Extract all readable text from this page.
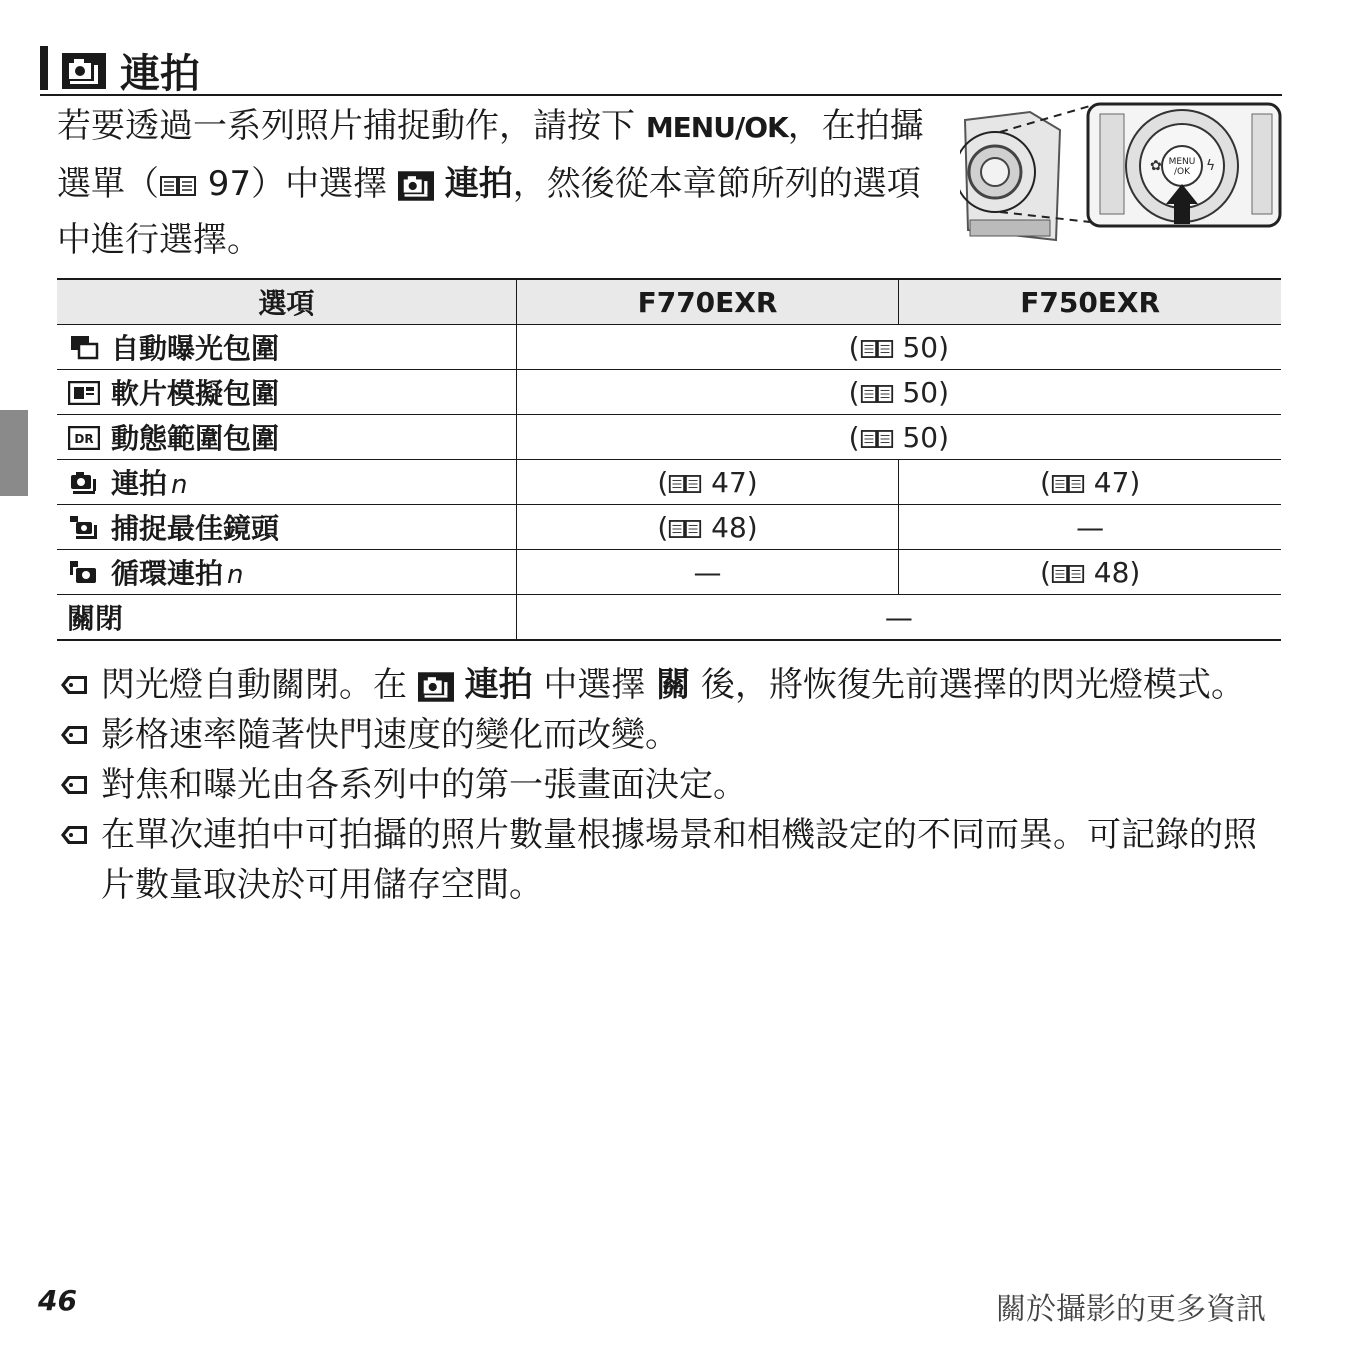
連拍
若要透過一系列照片捕捉動作，請按下 MENU/OK，在拍攝選單（ 97）中選擇  連拍，然後從本章節所列的選項中進行選擇。
MENU
/OK
✿	ϟ
選項	F770EXR	F750EXR
自動曝光包圍	( 50)	
軟片模擬包圍	( 50)	

DR 動態範圍包圍	( 50)	
連拍 n	( 47)	( 47)
捕捉最佳鏡頭	( 48)	—
循環連拍 n	—	( 48)
關閉	—	
閃光燈自動關閉。在  連拍 中選擇 關 後，將恢復先前選擇的閃光燈模式。
影格速率隨著快門速度的變化而改變。
對焦和曝光由各系列中的第一張畫面決定。
在單次連拍中可拍攝的照片數量根據場景和相機設定的不同而異。可記錄的照片數量取決於可用儲存空間。
46	關於攝影的更多資訊
